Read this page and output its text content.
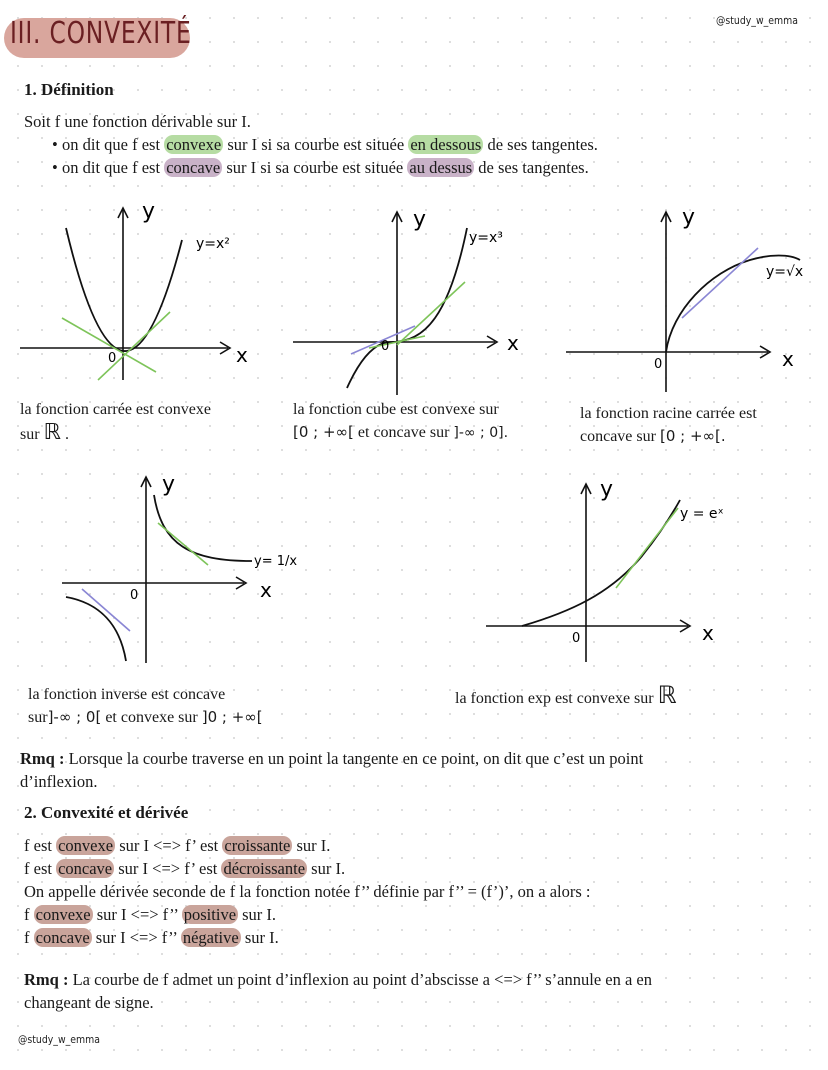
III. CONVEXITÉ	@study_w_emma
1. Définition
Soit f une fonction dérivable sur I.
• on dit que f est convexe sur I si sa courbe est située en dessous de ses tangentes.
• on dit que f est concave sur I si sa courbe est située au dessus de ses tangentes.
y
x
0
y=x²
la fonction carrée est convexe
sur ℝ .
y
x
0
y=x³
la fonction cube est convexe sur
[0 ; +∞[ et concave sur ]-∞ ; 0].
y
x
0
y=√x
la fonction racine carrée est
concave sur [0 ; +∞[.
y
x
0
y= 1/x
la fonction inverse est concave
sur]-∞ ; 0[ et convexe sur ]0 ; +∞[
y
x
0
y = eˣ
la fonction exp est convexe sur ℝ
Rmq : Lorsque la courbe traverse en un point la tangente en ce point, on dit que c’est un point
d’inflexion.
2. Convexité et dérivée
f est convexe sur I <=> f’ est croissante sur I.
f est concave sur I <=> f’ est décroissante sur I.
On appelle dérivée seconde de f la fonction notée f’’ définie par f’’ = (f’)’, on a alors :
f convexe sur I <=> f’’ positive sur I.
f concave sur I <=> f’’ négative sur I.
Rmq : La courbe de f admet un point d’inflexion au point d’abscisse a <=> f’’ s’annule en a en
changeant de signe.
@study_w_emma
